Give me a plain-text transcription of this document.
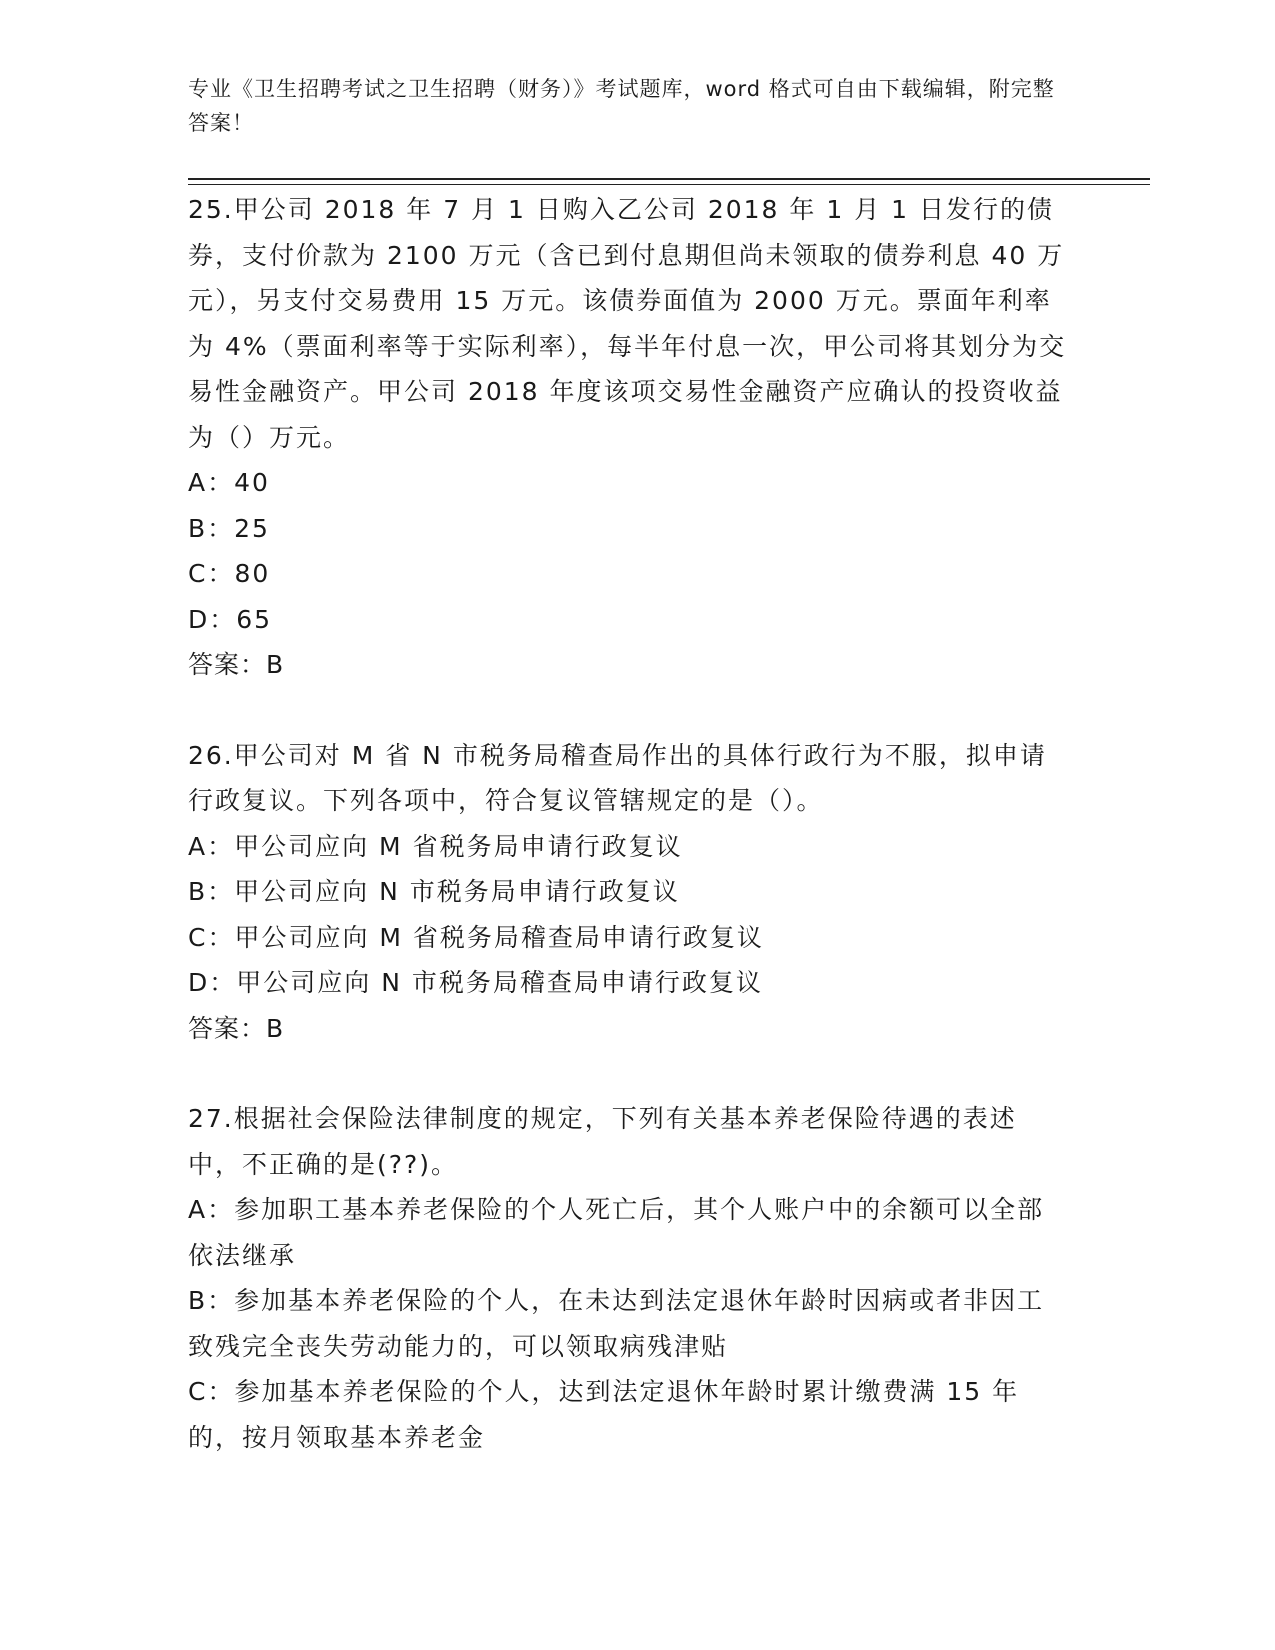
专业《卫生招聘考试之卫生招聘（财务）》考试题库，word 格式可自由下载编辑，附完整答案！

25.甲公司 2018 年 7 月 1 日购入乙公司 2018 年 1 月 1 日发行的债券，支付价款为 2100 万元（含已到付息期但尚未领取的债券利息 40 万元），另支付交易费用 15 万元。该债券面值为 2000 万元。票面年利率为 4%（票面利率等于实际利率），每半年付息一次，甲公司将其划分为交易性金融资产。甲公司 2018 年度该项交易性金融资产应确认的投资收益为（）万元。

A：40

B：25

C：80

D：65

答案：B

26.甲公司对 M 省 N 市税务局稽查局作出的具体行政行为不服，拟申请行政复议。下列各项中，符合复议管辖规定的是（）。

A：甲公司应向 M 省税务局申请行政复议

B：甲公司应向 N 市税务局申请行政复议

C：甲公司应向 M 省税务局稽查局申请行政复议

D：甲公司应向 N 市税务局稽查局申请行政复议

答案：B

27.根据社会保险法律制度的规定，下列有关基本养老保险待遇的表述中，不正确的是(??)。

A：参加职工基本养老保险的个人死亡后，其个人账户中的余额可以全部依法继承

B：参加基本养老保险的个人，在未达到法定退休年龄时因病或者非因工致残完全丧失劳动能力的，可以领取病残津贴

C：参加基本养老保险的个人，达到法定退休年龄时累计缴费满 15 年的，按月领取基本养老金
